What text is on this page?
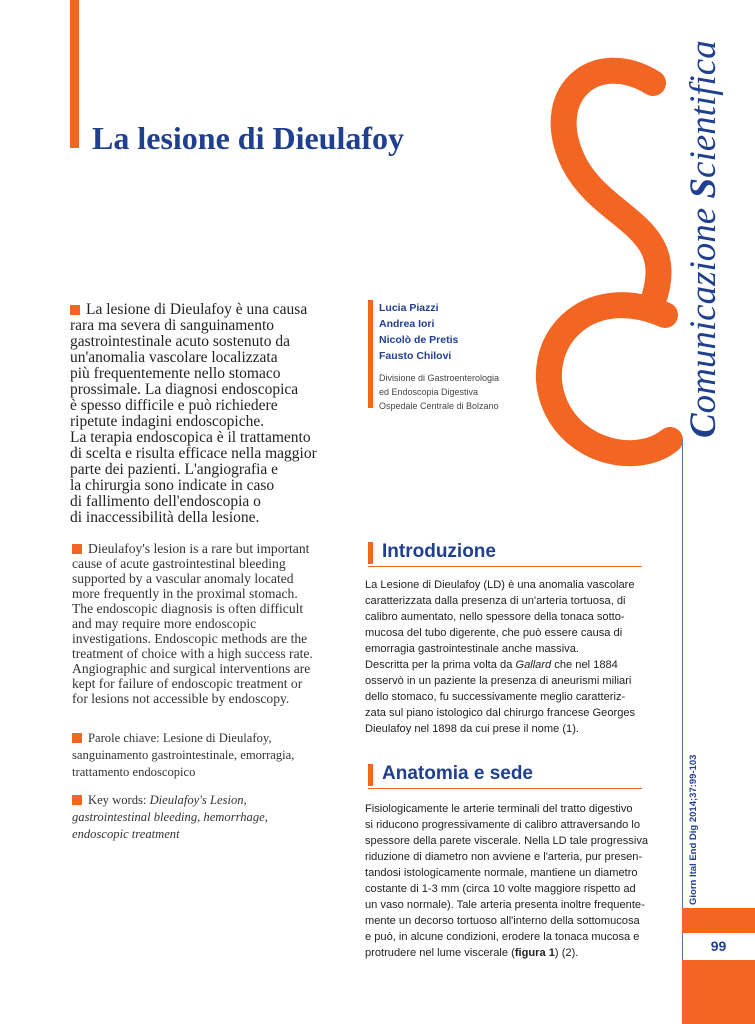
La lesione di Dieulafoy
Comunicazione Scientifica
Giorn Ital End Dig 2014;37:99-103
99

La lesione di Dieulafoy è una causa

rara ma severa di sanguinamento

gastrointestinale acuto sostenuto da

un'anomalia vascolare localizzata

più frequentemente nello stomaco

prossimale. La diagnosi endoscopica

è spesso difficile e può richiedere

ripetute indagini endoscopiche.

La terapia endoscopica è il trattamento

di scelta e risulta efficace nella maggior

parte dei pazienti. L'angiografia e

la chirurgia sono indicate in caso

di fallimento dell'endoscopia o

di inaccessibilità della lesione.

Dieulafoy's lesion is a rare but important
cause of acute gastrointestinal bleeding
supported by a vascular anomaly located
more frequently in the proximal stomach.
The endoscopic diagnosis is often difficult
and may require more endoscopic
investigations. Endoscopic methods are the
treatment of choice with a high success rate.
Angiographic and surgical interventions are
kept for failure of endoscopic treatment or
for lesions not accessible by endoscopy.
Parole chiave: Lesione di Dieulafoy,
sanguinamento gastrointestinale, emorragia,
trattamento endoscopico
Key words: Dieulafoy's Lesion,
gastrointestinal bleeding, hemorrhage,
endoscopic treatment
Lucia Piazzi
Andrea Iori
Nicolò de Pretis
Fausto Chilovi
Divisione di Gastroenterologia
ed Endoscopia Digestiva
Ospedale Centrale di Bolzano
Introduzione

La Lesione di Dieulafoy (LD) è una anomalia vascolare

caratterizzata dalla presenza di un'arteria tortuosa, di

calibro aumentato, nello spessore della tonaca sotto-

mucosa del tubo digerente, che può essere causa di

emorragia gastrointestinale anche massiva.

Descritta per la prima volta da Gallard che nel 1884

osservò in un paziente la presenza di aneurismi miliari

dello stomaco, fu successivamente meglio caratteriz-

zata sul piano istologico dal chirurgo francese Georges

Dieulafoy nel 1898 da cui prese il nome (1).

Anatomia e sede

Fisiologicamente le arterie terminali del tratto digestivo

si riducono progressivamente di calibro attraversando lo

spessore della parete viscerale. Nella LD tale progressiva

riduzione di diametro non avviene e l'arteria, pur presen-

tandosi istologicamente normale, mantiene un diametro

costante di 1-3 mm (circa 10 volte maggiore rispetto ad

un vaso normale). Tale arteria presenta inoltre frequente-

mente un decorso tortuoso all'interno della sottomucosa

e può, in alcune condizioni, erodere la tonaca mucosa e

protrudere nel lume viscerale (figura 1) (2).
